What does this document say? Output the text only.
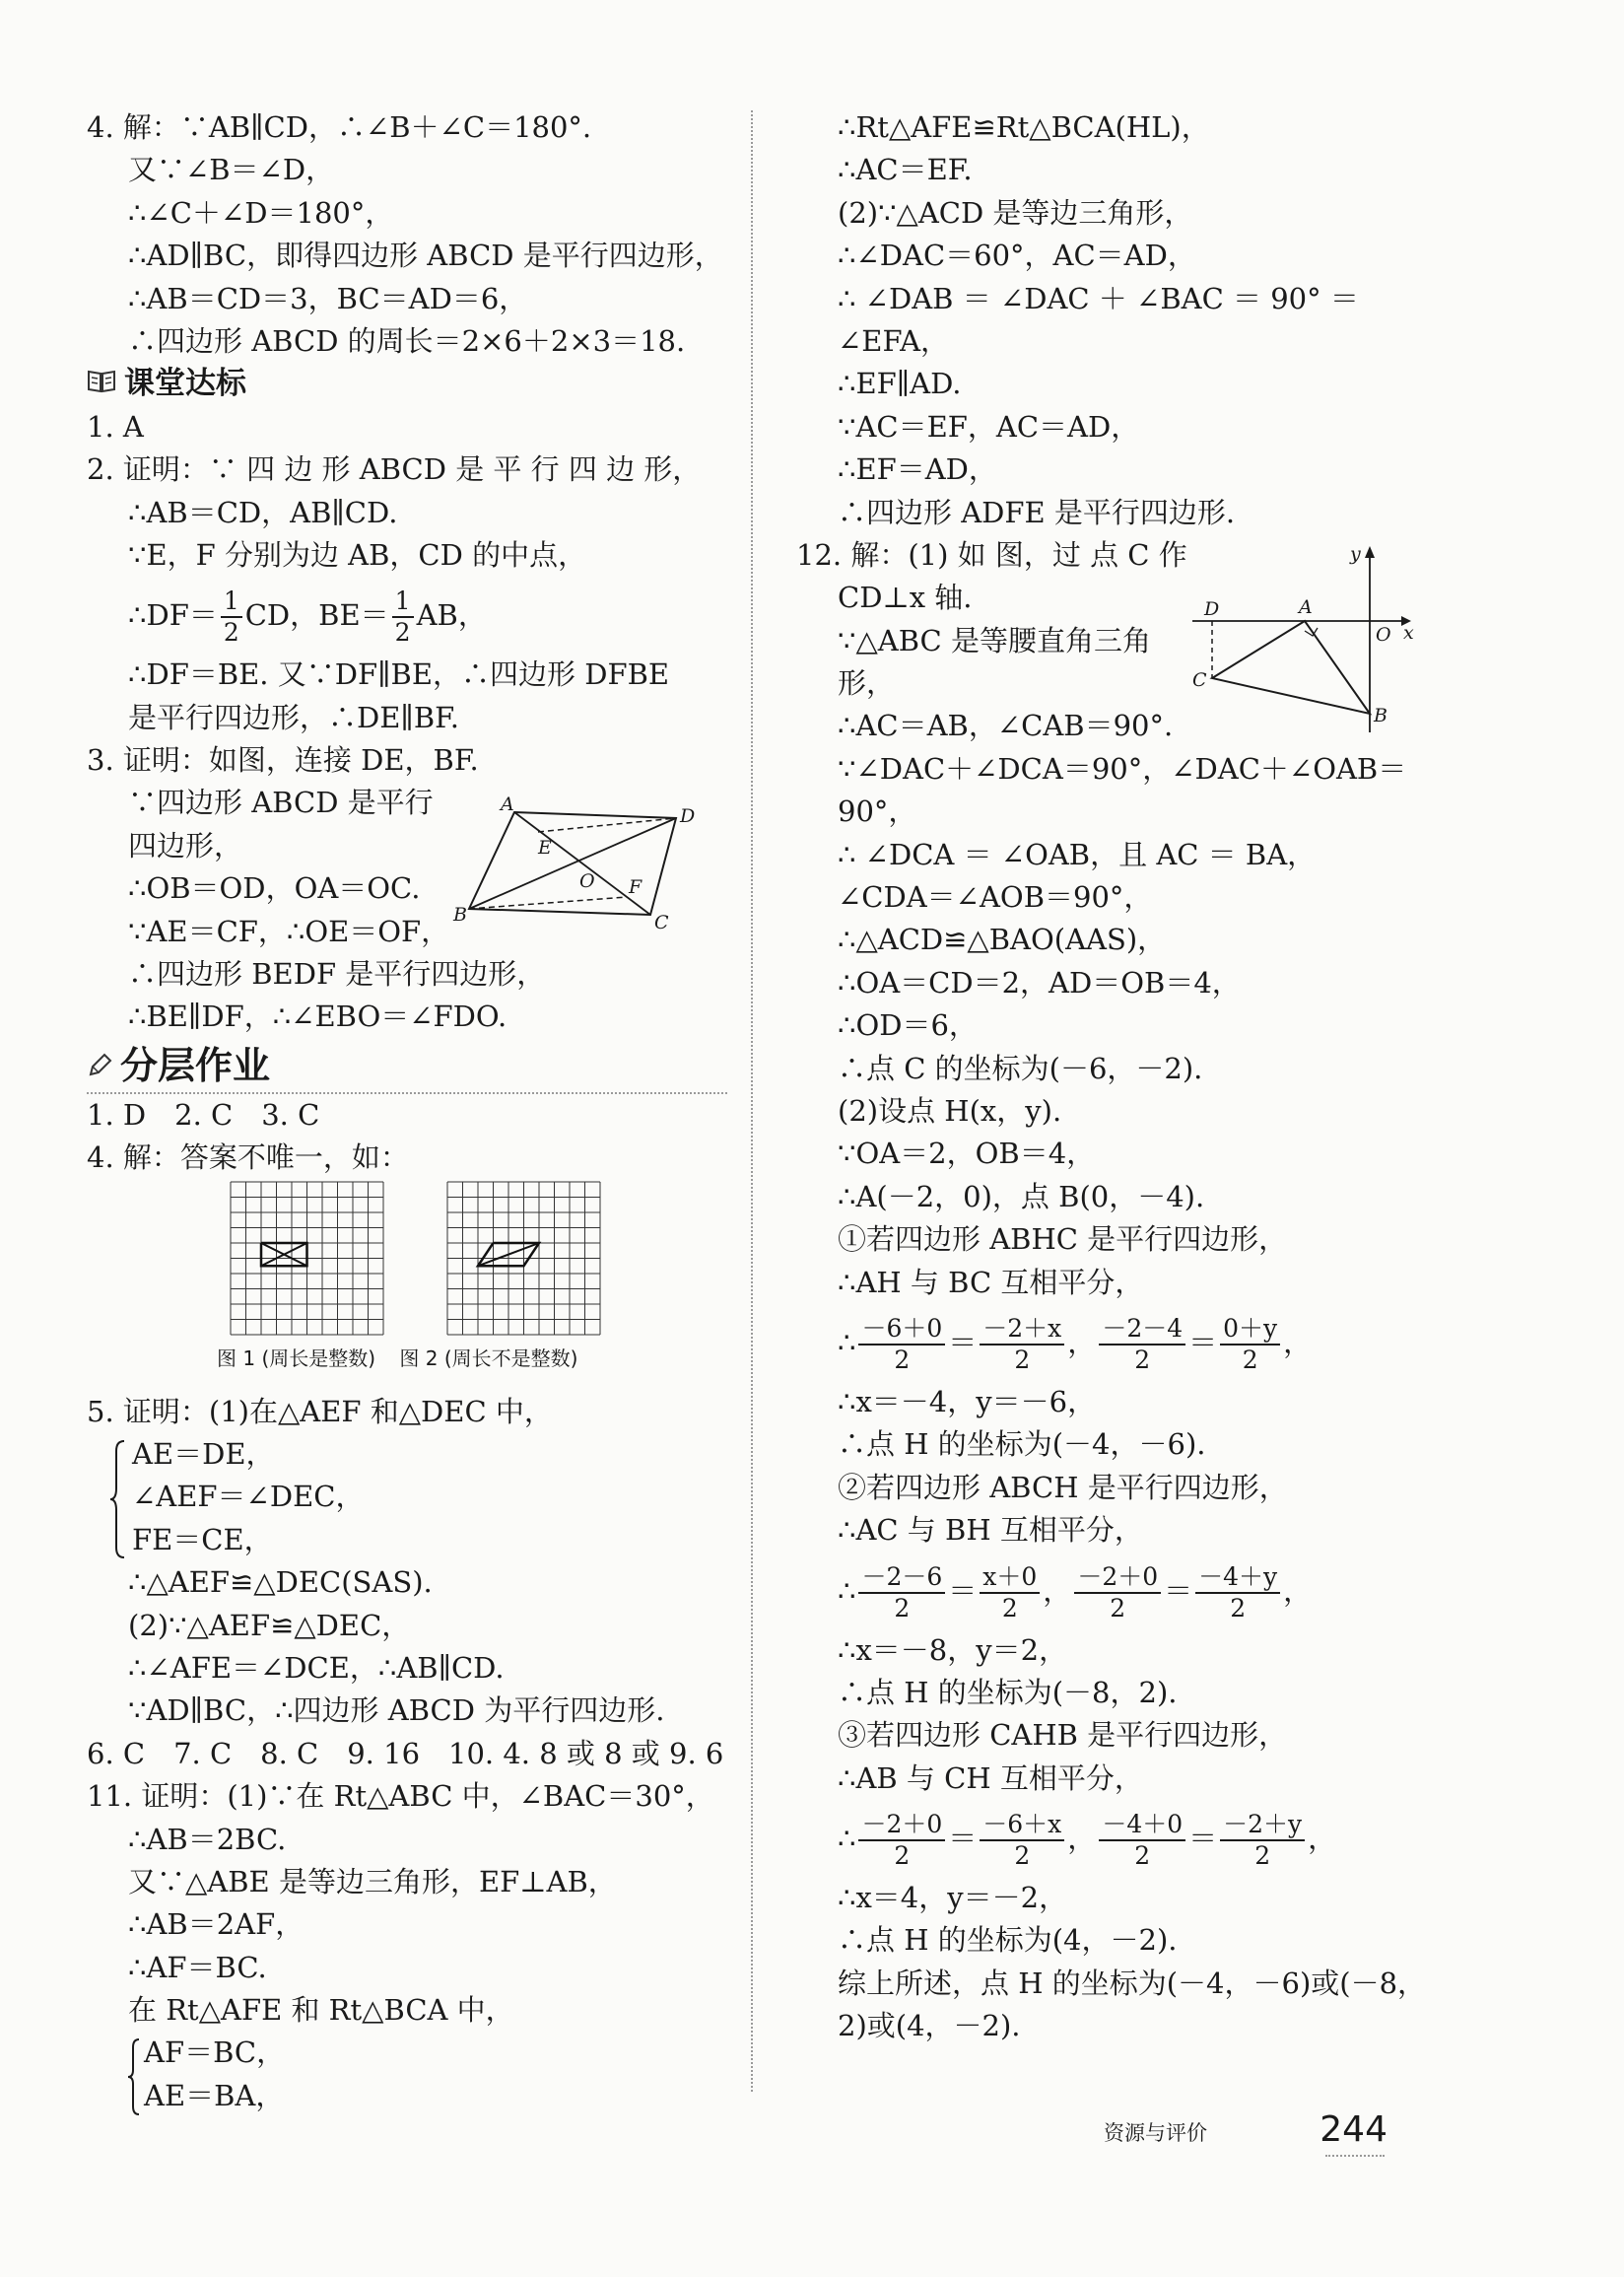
4. 解：∵AB∥CD，∴∠B＋∠C＝180°.
又∵∠B＝∠D，
∴∠C＋∠D＝180°，
∴AD∥BC，即得四边形 ABCD 是平行四边形，
∴AB＝CD＝3，BC＝AD＝6，
∴四边形 ABCD 的周长＝2×6＋2×3＝18.
课堂达标
1. A
2. 证明：∵ 四 边 形 ABCD 是 平 行 四 边 形，
∴AB＝CD，AB∥CD.
∵E，F 分别为边 AB，CD 的中点，
∴DF＝ $\frac{1}{2}$ CD，$BE= \frac{1}{2}$ AB，
∴DF＝BE. 又∵DF∥BE，∴四边形 DFBE
是平行四边形，∴DE∥BF.
3. 证明：如图，连接 DE，BF.
∵四边形 ABCD 是平行
四边形，
∴OB＝OD，OA＝OC.
∵AE＝CF，∴OE＝OF，
∴四边形 BEDF 是平行四边形，
∴BE∥DF，∴∠EBO＝∠FDO.
分层作业
1. D　2. C　3. C
4. 解：答案不唯一，如：
5. 证明：(1)在△AEF 和△DEC 中，
AE＝DE，
∠AEF＝∠DEC，
FE＝CE，
∴△AEF≌△DEC(SAS).
(2)∵△AEF≌△DEC，
∴∠AFE＝∠DCE，∴AB∥CD.
∵AD∥BC，∴四边形 ABCD 为平行四边形.
6. C　7. C　8. C　9. 16　10. 4. 8 或 8 或 9. 6
11. 证明：(1)∵在 Rt△ABC 中，∠BAC＝30°，
∴AB＝2BC.
又∵△ABE 是等边三角形，EF⊥AB，
∴AB＝2AF，
∴AF＝BC.
在 Rt△AFE 和 Rt△BCA 中，
AF＝BC，
AE＝BA，
A
D
E
O F
B	C
图 1 (周长是整数) 图 2 (周长不是整数)
∴Rt△AFE≌Rt△BCA(HL)，
∴AC＝EF.
(2)∵△ACD 是等边三角形，
∴∠DAC＝60°，AC＝AD，
∴ ∠DAB ＝ ∠DAC ＋ ∠BAC ＝ 90° ＝
∠EFA，
∴EF∥AD.
∵AC＝EF，AC＝AD，
∴EF＝AD，
∴四边形 ADFE 是平行四边形.
12. 解：(1) 如 图，过 点 C 作
CD⊥x 轴.
∵△ABC 是等腰直角三角
形，
∴AC＝AB，∠CAB＝90°.
∵∠DAC＋∠DCA＝90°，∠DAC＋∠OAB＝
90°，
∴ ∠DCA ＝ ∠OAB，且 AC ＝ BA，
∠CDA＝∠AOB＝90°，
∴△ACD≌△BAO(AAS)，
∴OA＝CD＝2，AD＝OB＝4，
∴OD＝6，
∴点 C 的坐标为(－6，－2).
(2)设点 H(x，y).
∵OA＝2，OB＝4，
∴A(－2，0)，点 B(0，－4).
①若四边形 ABHC 是平行四边形，
∴AH 与 BC 互相平分，
∴ $\frac{-6+0}{2} = \frac{-2+x}{2}$ ， $\frac{-2-4}{2} = \frac{0+y}{2}$ ，
∴x＝－4，y＝－6，
∴点 H 的坐标为(－4，－6).
②若四边形 ABCH 是平行四边形，
∴AC 与 BH 互相平分，
∴ $\frac{-2-6}{2} = \frac{x+0}{2}$ ， $\frac{-2+0}{2} = \frac{-4+y}{2}$ ，
∴x＝－8，y＝2，
∴点 H 的坐标为(－8，2).
③若四边形 CAHB 是平行四边形，
∴AB 与 CH 互相平分，
∴ $\frac{-2+0}{2} = \frac{-6+x}{2}$ ， $\frac{-4+0}{2} = \frac{-2+y}{2}$ ，
∴x＝4，y＝－2，
∴点 H 的坐标为(4，－2).
综上所述，点 H 的坐标为(－4，－6)或(－8，
2)或(4，－2).
y
D	A
O x
C
B
资源与评价	244
